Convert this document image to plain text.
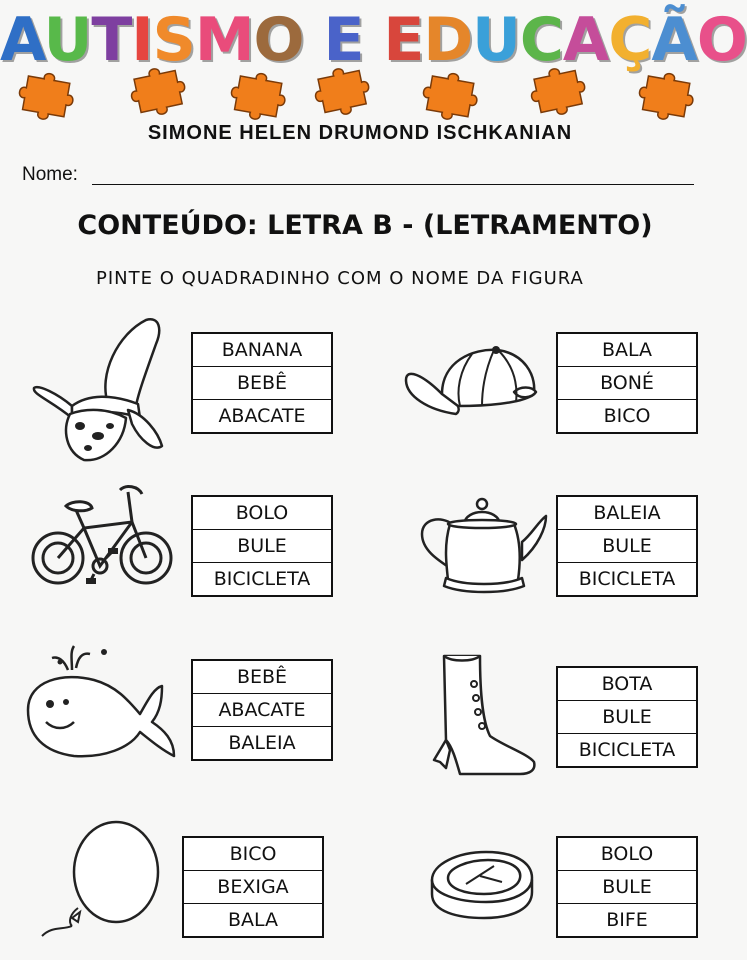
AUTISMO E EDUCAÇÃO
SIMONE HELEN DRUMOND ISCHKANIAN
Nome:
CONTEÚDO: LETRA B - (LETRAMENTO)
PINTE O QUADRADINHO COM O NOME DA FIGURA
BANANA
BEBÊ
ABACATE
BALA
BONÉ
BICO
BOLO
BULE
BICICLETA
BALEIA
BULE
BICICLETA
BEBÊ
ABACATE
BALEIA
BOTA
BULE
BICICLETA
BICO
BEXIGA
BALA
BOLO
BULE
BIFE
